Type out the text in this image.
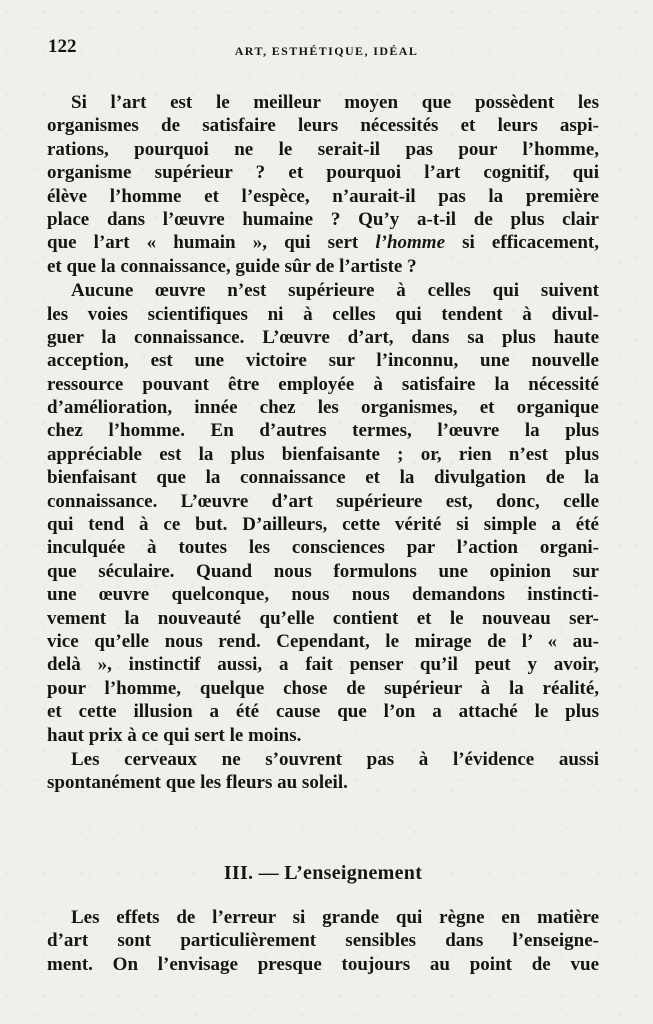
122	ART, ESTHÉTIQUE, IDÉAL
Si l’art est le meilleur moyen que possèdent les
organismes de satisfaire leurs nécessités et leurs aspi-
rations, pourquoi ne le serait-il pas pour l’homme,
organisme supérieur ? et pourquoi l’art cognitif, qui
élève l’homme et l’espèce, n’aurait-il pas la première
place dans l’œuvre humaine ? Qu’y a-t-il de plus clair
que l’art « humain », qui sert l’homme si efficacement,
et que la connaissance, guide sûr de l’artiste ?
Aucune œuvre n’est supérieure à celles qui suivent
les voies scientifiques ni à celles qui tendent à divul-
guer la connaissance. L’œuvre d’art, dans sa plus haute
acception, est une victoire sur l’inconnu, une nouvelle
ressource pouvant être employée à satisfaire la nécessité
d’amélioration, innée chez les organismes, et organique
chez l’homme. En d’autres termes, l’œuvre la plus
appréciable est la plus bienfaisante ; or, rien n’est plus
bienfaisant que la connaissance et la divulgation de la
connaissance. L’œuvre d’art supérieure est, donc, celle
qui tend à ce but. D’ailleurs, cette vérité si simple a été
inculquée à toutes les consciences par l’action organi-
que séculaire. Quand nous formulons une opinion sur
une œuvre quelconque, nous nous demandons instincti-
vement la nouveauté qu’elle contient et le nouveau ser-
vice qu’elle nous rend. Cependant, le mirage de l’ « au-
delà », instinctif aussi, a fait penser qu’il peut y avoir,
pour l’homme, quelque chose de supérieur à la réalité,
et cette illusion a été cause que l’on a attaché le plus
haut prix à ce qui sert le moins.
Les cerveaux ne s’ouvrent pas à l’évidence aussi
spontanément que les fleurs au soleil.
III. — L’enseignement
Les effets de l’erreur si grande qui règne en matière
d’art sont particulièrement sensibles dans l’enseigne-
ment. On l’envisage presque toujours au point de vue
